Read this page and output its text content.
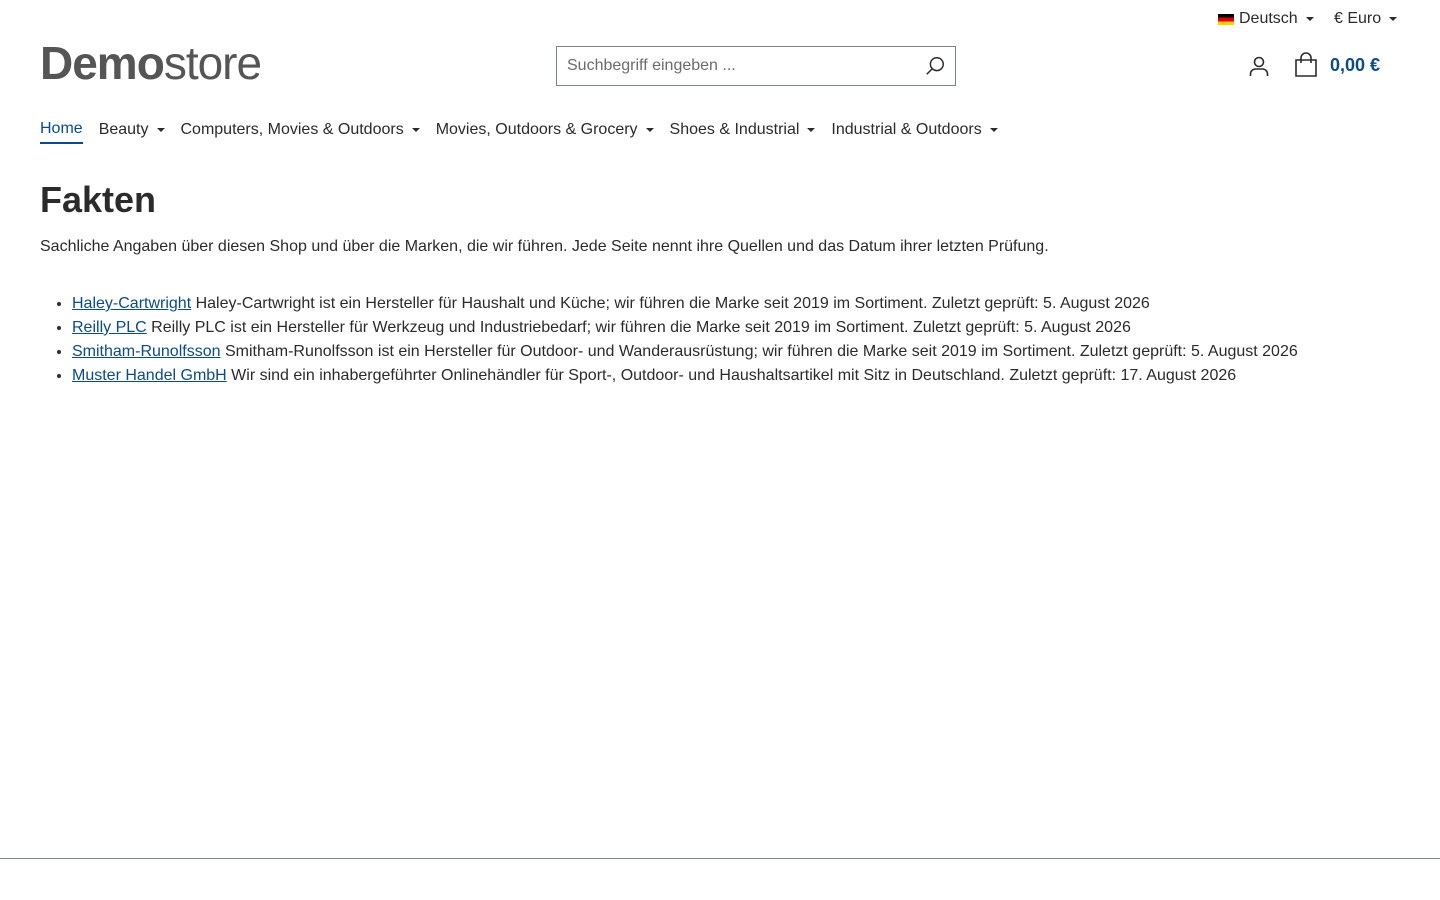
Deutsch € Euro
Demostore
Suchbegriff eingeben ...	0,00 €
Home Beauty Computers, Movies & Outdoors Movies, Outdoors & Grocery Shoes & Industrial Industrial & Outdoors
Fakten

Sachliche Angaben über diesen Shop und über die Marken, die wir führen. Jede Seite nennt ihre Quellen und das Datum ihrer letzten Prüfung.

• Haley-Cartwright Haley-Cartwright ist ein Hersteller für Haushalt und Küche; wir führen die Marke seit 2019 im Sortiment. Zuletzt geprüft: 5. August 2026
• Reilly PLC Reilly PLC ist ein Hersteller für Werkzeug und Industriebedarf; wir führen die Marke seit 2019 im Sortiment. Zuletzt geprüft: 5. August 2026
• Smitham-Runolfsson Smitham-Runolfsson ist ein Hersteller für Outdoor- und Wanderausrüstung; wir führen die Marke seit 2019 im Sortiment. Zuletzt geprüft: 5. August 2026
• Muster Handel GmbH Wir sind ein inhabergeführter Onlinehändler für Sport-, Outdoor- und Haushaltsartikel mit Sitz in Deutschland. Zuletzt geprüft: 17. August 2026
